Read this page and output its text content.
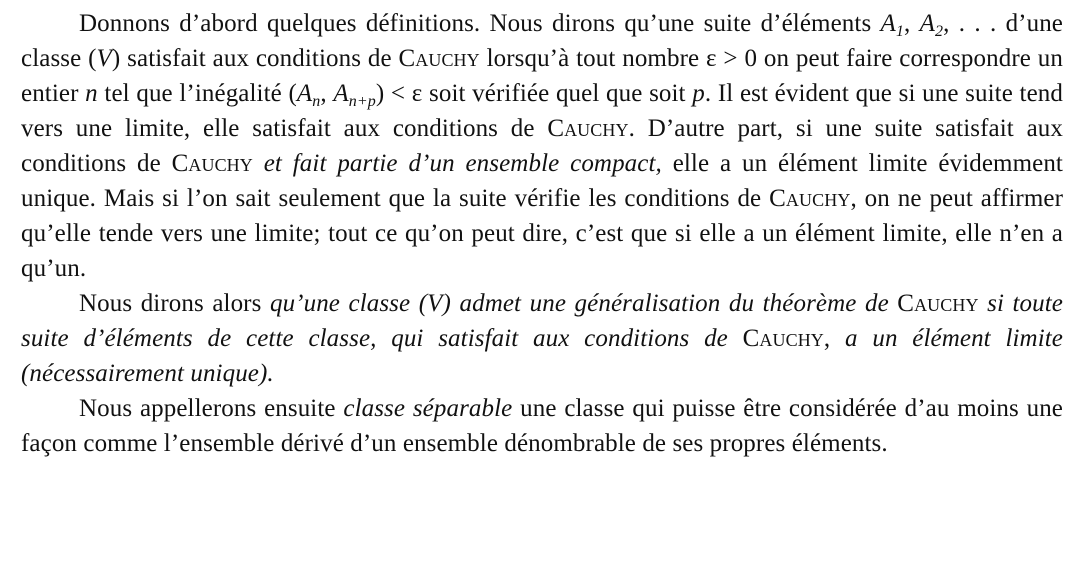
Donnons d’abord quelques définitions. Nous dirons qu’une suite d’éléments $A_1$, $A_2$, . . . d’une classe (V) satisfait aux conditions de Cauchy lorsqu’à tout nombre ε > 0 on peut faire correspondre un entier n tel que l’inégalité ($A_n$, $A_{n+p}) < \varepsilon$ soit vérifiée quel que soit p. Il est évident que si une suite tend vers une limite, elle satisfait aux conditions de Cauchy. D’autre part, si une suite satisfait aux conditions de Cauchy et fait partie d’un ensemble compact, elle a un élément limite évidemment unique. Mais si l’on sait seulement que la suite vérifie les conditions de Cauchy, on ne peut affirmer qu’elle tende vers une limite; tout ce qu’on peut dire, c’est que si elle a un élément limite, elle n’en a qu’un.

Nous dirons alors qu’une classe (V) admet une généralisation du théorème de Cauchy si toute suite d’éléments de cette classe, qui satisfait aux conditions de Cauchy, a un élément limite (nécessairement unique).

Nous appellerons ensuite classe séparable une classe qui puisse être considérée d’au moins une façon comme l’ensemble dérivé d’un ensemble dénombrable de ses propres éléments.
